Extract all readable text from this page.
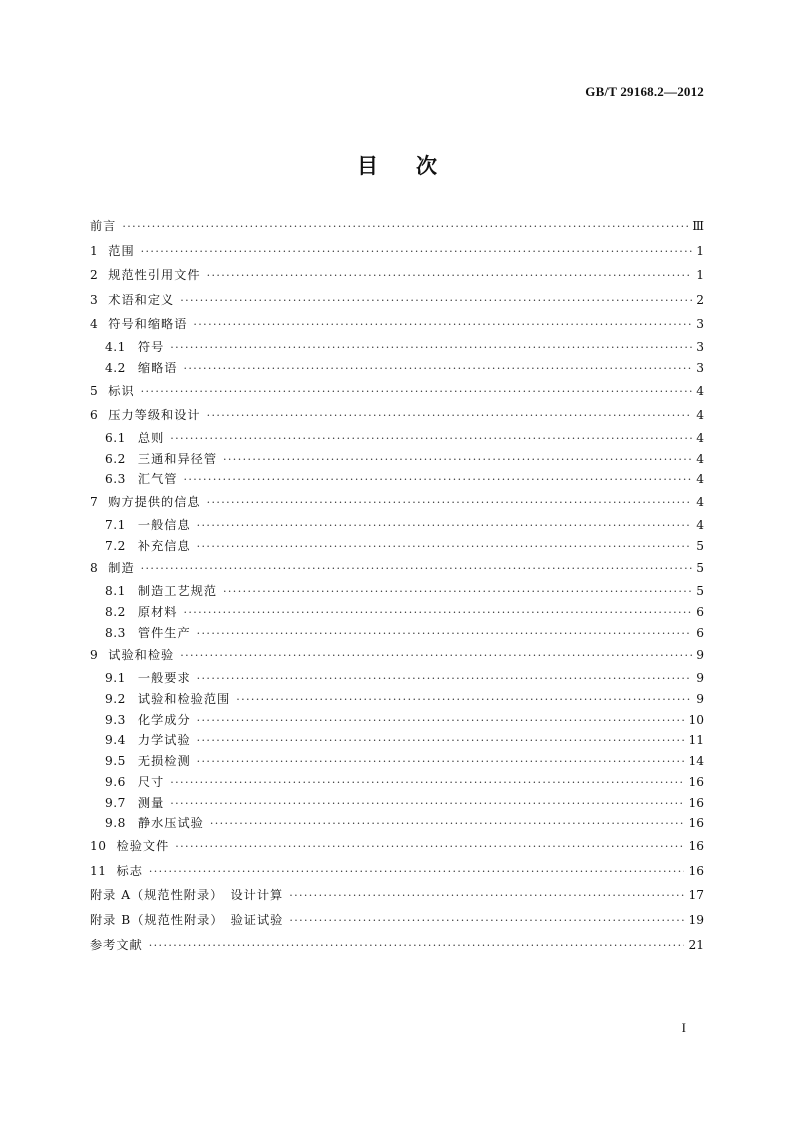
GB/T 29168.2—2012
目次
前言 ·····	Ⅲ
1 范围 ·····	1
2 规范性引用文件 ·····	1
3 术语和定义 ·····	2
4 符号和缩略语 ·····	3
4.1 符号 ·····	3
4.2 缩略语 ·····	3
5 标识 ·····	4
6 压力等级和设计 ·····	4
6.1 总则 ·····	4
6.2 三通和异径管 ·····	4
6.3 汇气管 ·····	4
7 购方提供的信息 ·····	4
7.1 一般信息 ·····	4
7.2 补充信息 ·····	5
8 制造 ·····	5
8.1 制造工艺规范 ·····	5
8.2 原材料 ·····	6
8.3 管件生产 ·····	6
9 试验和检验 ·····	9
9.1 一般要求 ·····	9
9.2 试验和检验范围 ·····	9
9.3 化学成分 ·····	10
9.4 力学试验 ·····	11
9.5 无损检测 ·····	14
9.6 尺寸 ·····	16
9.7 测量 ·····	16
9.8 静水压试验 ·····	16
10 检验文件 ·····	16
11 标志 ·····	16
附录 A（规范性附录）　设计计算 ·····	17
附录 B（规范性附录）　验证试验 ·····	19
参考文献 ·····	21
I
